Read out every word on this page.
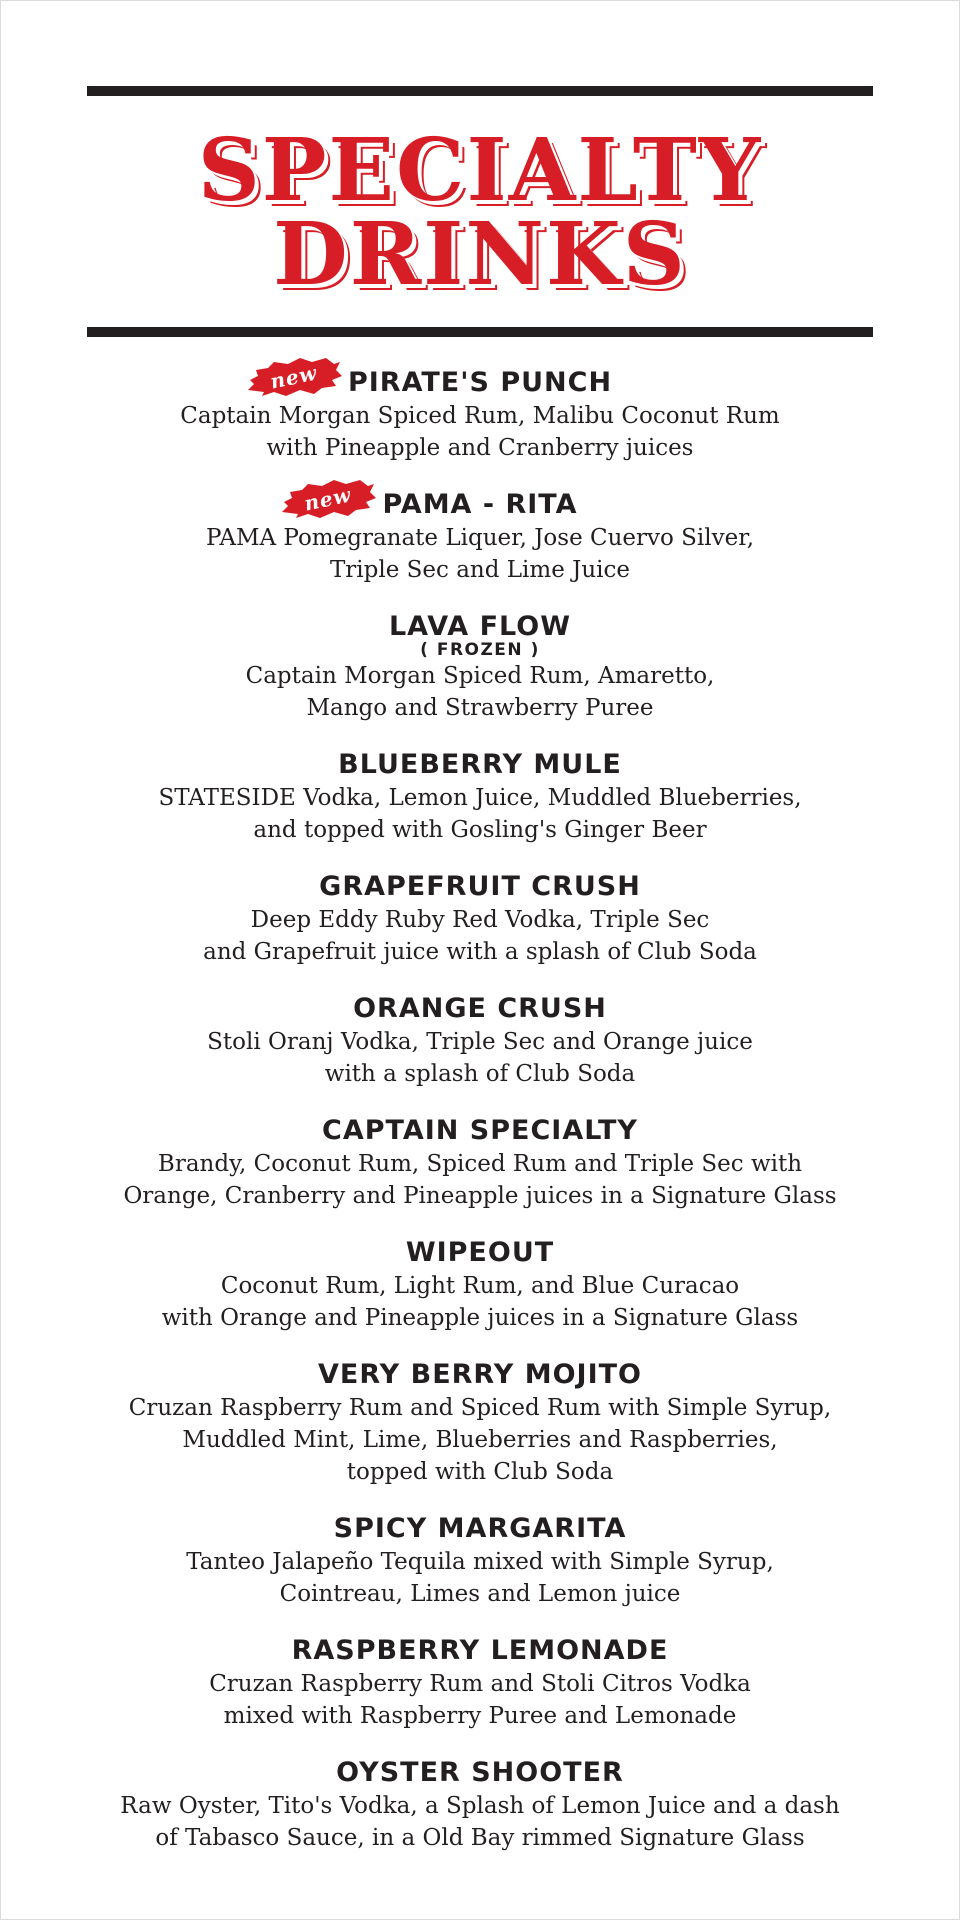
SPECIALTY
DRINKS
new PIRATE'S PUNCH
Captain Morgan Spiced Rum, Malibu Coconut Rum
with Pineapple and Cranberry juices
new PAMA - RITA
PAMA Pomegranate Liquer, Jose Cuervo Silver,
Triple Sec and Lime Juice
LAVA FLOW
( FROZEN )
Captain Morgan Spiced Rum, Amaretto,
Mango and Strawberry Puree
BLUEBERRY MULE
STATESIDE Vodka, Lemon Juice, Muddled Blueberries,
and topped with Gosling's Ginger Beer
GRAPEFRUIT CRUSH
Deep Eddy Ruby Red Vodka, Triple Sec
and Grapefruit juice with a splash of Club Soda
ORANGE CRUSH
Stoli Oranj Vodka, Triple Sec and Orange juice
with a splash of Club Soda
CAPTAIN SPECIALTY
Brandy, Coconut Rum, Spiced Rum and Triple Sec with
Orange, Cranberry and Pineapple juices in a Signature Glass
WIPEOUT
Coconut Rum, Light Rum, and Blue Curacao
with Orange and Pineapple juices in a Signature Glass
VERY BERRY MOJITO
Cruzan Raspberry Rum and Spiced Rum with Simple Syrup,
Muddled Mint, Lime, Blueberries and Raspberries,
topped with Club Soda
SPICY MARGARITA
Tanteo Jalapeño Tequila mixed with Simple Syrup,
Cointreau, Limes and Lemon juice
RASPBERRY LEMONADE
Cruzan Raspberry Rum and Stoli Citros Vodka
mixed with Raspberry Puree and Lemonade
OYSTER SHOOTER
Raw Oyster, Tito's Vodka, a Splash of Lemon Juice and a dash
of Tabasco Sauce, in a Old Bay rimmed Signature Glass
